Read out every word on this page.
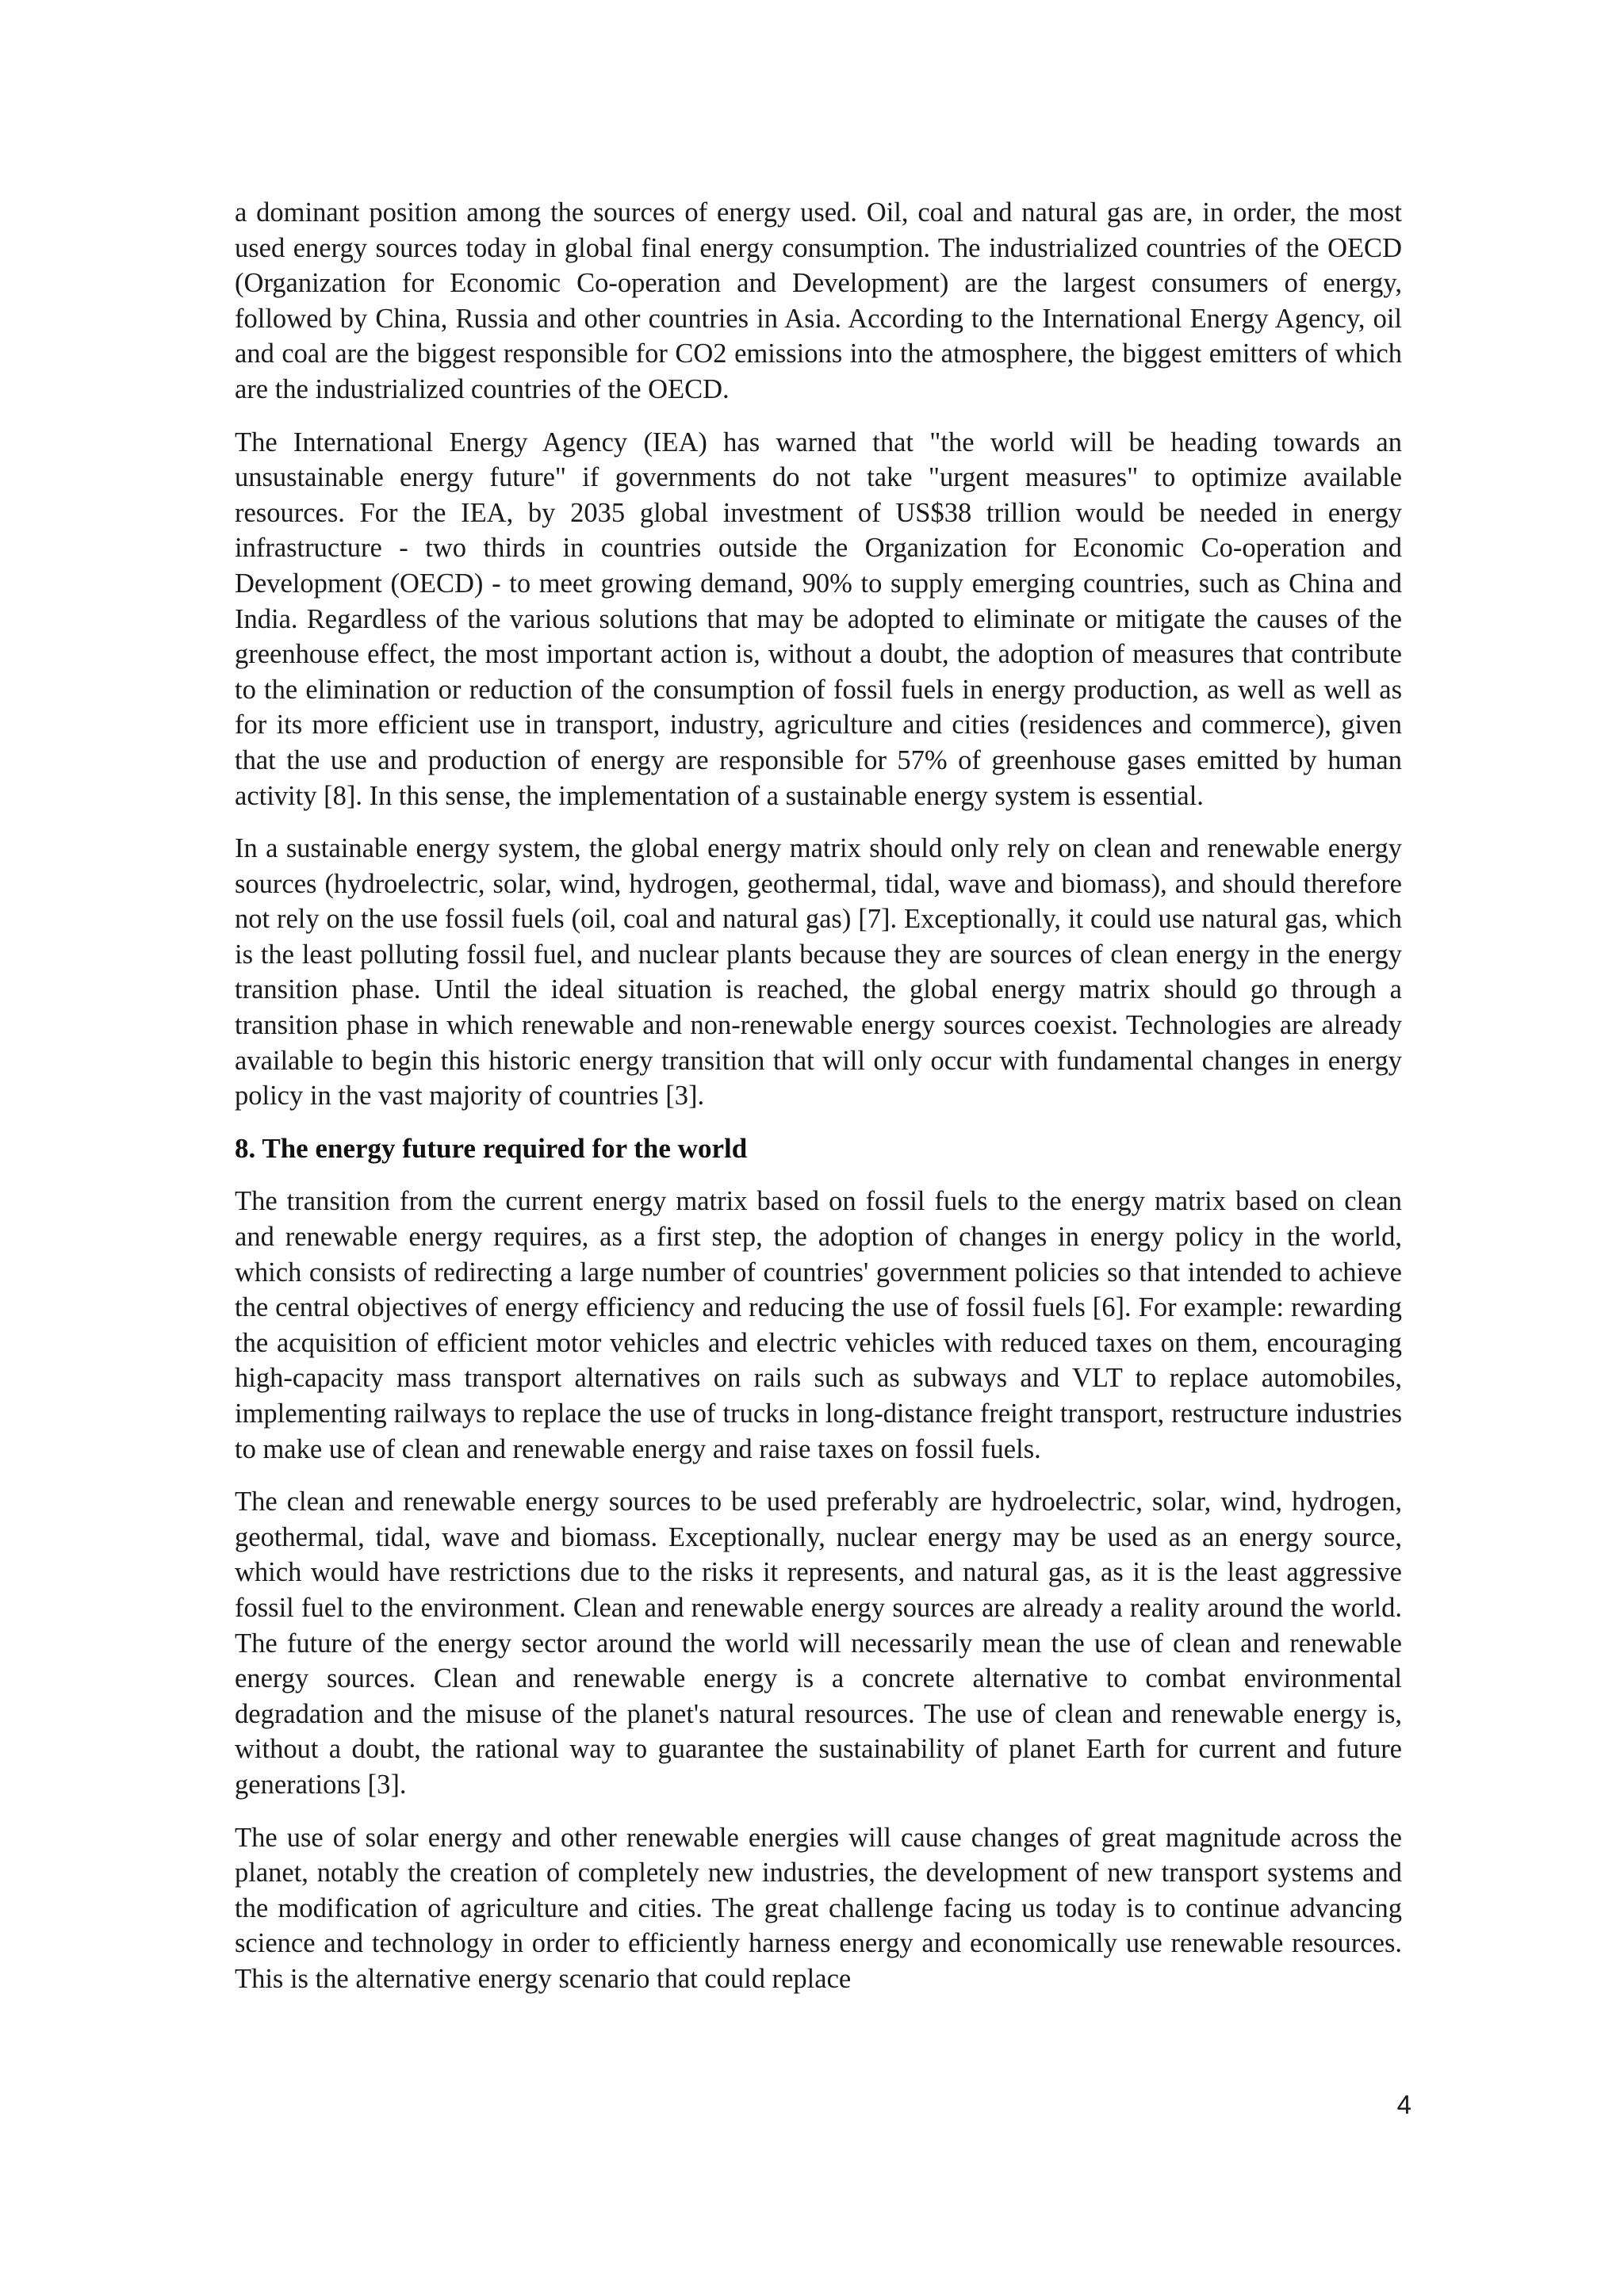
a dominant position among the sources of energy used. Oil, coal and natural gas are, in order, the most used energy sources today in global final energy consumption. The industrialized countries of the OECD (Organization for Economic Co-operation and Development) are the largest consumers of energy, followed by China, Russia and other countries in Asia. According to the International Energy Agency, oil and coal are the biggest responsible for CO2 emissions into the atmosphere, the biggest emitters of which are the industrialized countries of the OECD.

The International Energy Agency (IEA) has warned that "the world will be heading towards an unsustainable energy future" if governments do not take "urgent measures" to optimize available resources. For the IEA, by 2035 global investment of US$38 trillion would be needed in energy infrastructure - two thirds in countries outside the Organization for Economic Co-operation and Development (OECD) - to meet growing demand, 90% to supply emerging countries, such as China and India. Regardless of the various solutions that may be adopted to eliminate or mitigate the causes of the greenhouse effect, the most important action is, without a doubt, the adoption of measures that contribute to the elimination or reduction of the consumption of fossil fuels in energy production, as well as well as for its more efficient use in transport, industry, agriculture and cities (residences and commerce), given that the use and production of energy are responsible for 57% of greenhouse gases emitted by human activity [8]. In this sense, the implementation of a sustainable energy system is essential.

In a sustainable energy system, the global energy matrix should only rely on clean and renewable energy sources (hydroelectric, solar, wind, hydrogen, geothermal, tidal, wave and biomass), and should therefore not rely on the use fossil fuels (oil, coal and natural gas) [7]. Exceptionally, it could use natural gas, which is the least polluting fossil fuel, and nuclear plants because they are sources of clean energy in the energy transition phase. Until the ideal situation is reached, the global energy matrix should go through a transition phase in which renewable and non-renewable energy sources coexist. Technologies are already available to begin this historic energy transition that will only occur with fundamental changes in energy policy in the vast majority of countries [3].

8. The energy future required for the world

The transition from the current energy matrix based on fossil fuels to the energy matrix based on clean and renewable energy requires, as a first step, the adoption of changes in energy policy in the world, which consists of redirecting a large number of countries' government policies so that intended to achieve the central objectives of energy efficiency and reducing the use of fossil fuels [6]. For example: rewarding the acquisition of efficient motor vehicles and electric vehicles with reduced taxes on them, encouraging high-capacity mass transport alternatives on rails such as subways and VLT to replace automobiles, implementing railways to replace the use of trucks in long-distance freight transport, restructure industries to make use of clean and renewable energy and raise taxes on fossil fuels.

The clean and renewable energy sources to be used preferably are hydroelectric, solar, wind, hydrogen, geothermal, tidal, wave and biomass. Exceptionally, nuclear energy may be used as an energy source, which would have restrictions due to the risks it represents, and natural gas, as it is the least aggressive fossil fuel to the environment. Clean and renewable energy sources are already a reality around the world. The future of the energy sector around the world will necessarily mean the use of clean and renewable energy sources. Clean and renewable energy is a concrete alternative to combat environmental degradation and the misuse of the planet's natural resources. The use of clean and renewable energy is, without a doubt, the rational way to guarantee the sustainability of planet Earth for current and future generations [3].

The use of solar energy and other renewable energies will cause changes of great magnitude across the planet, notably the creation of completely new industries, the development of new transport systems and the modification of agriculture and cities. The great challenge facing us today is to continue advancing science and technology in order to efficiently harness energy and economically use renewable resources. This is the alternative energy scenario that could replace

4
